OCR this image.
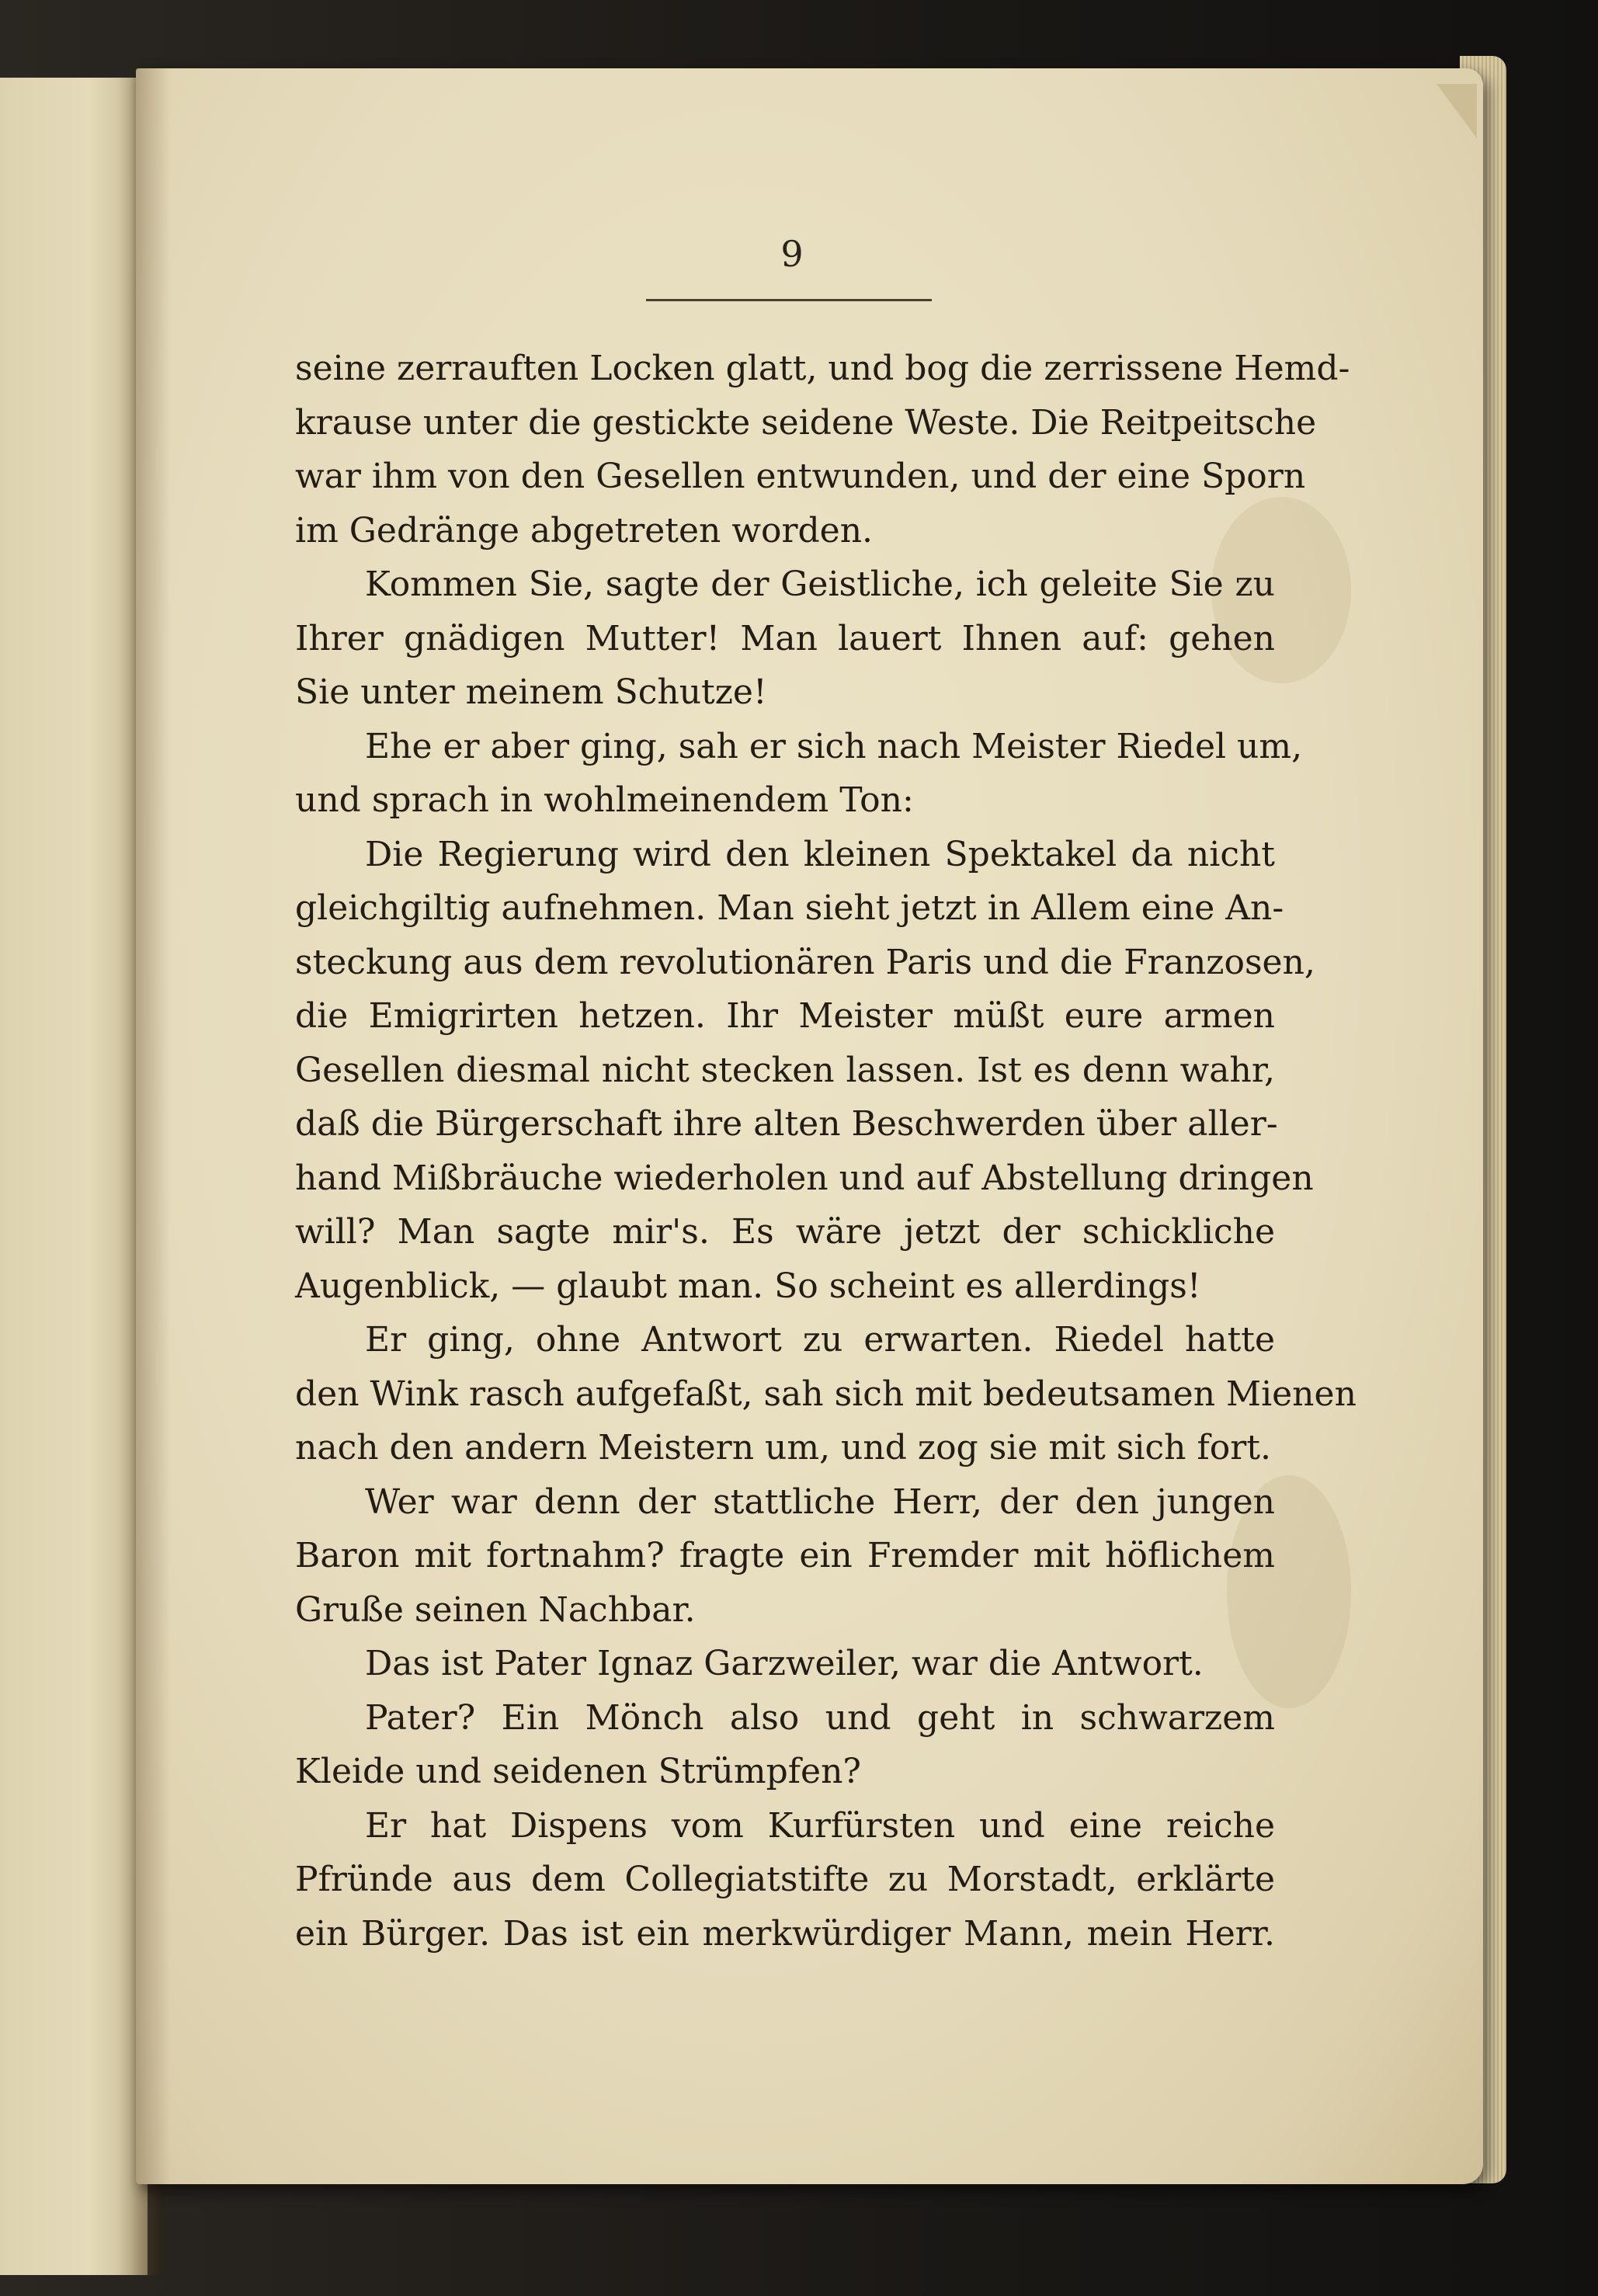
9
seine zerrauften Locken glatt, und bog die zerrissene Hemd-
krause unter die gestickte seidene Weste. Die Reitpeitsche
war ihm von den Gesellen entwunden, und der eine Sporn
im Gedränge abgetreten worden.
Kommen Sie, sagte der Geistliche, ich geleite Sie zu
Ihrer gnädigen Mutter! Man lauert Ihnen auf: gehen
Sie unter meinem Schutze!
Ehe er aber ging, sah er sich nach Meister Riedel um,
und sprach in wohlmeinendem Ton:
Die Regierung wird den kleinen Spektakel da nicht
gleichgiltig aufnehmen. Man sieht jetzt in Allem eine An-
steckung aus dem revolutionären Paris und die Franzosen,
die Emigrirten hetzen. Ihr Meister müßt eure armen
Gesellen diesmal nicht stecken lassen. Ist es denn wahr,
daß die Bürgerschaft ihre alten Beschwerden über aller-
hand Mißbräuche wiederholen und auf Abstellung dringen
will? Man sagte mir's. Es wäre jetzt der schickliche
Augenblick, — glaubt man. So scheint es allerdings!
Er ging, ohne Antwort zu erwarten. Riedel hatte
den Wink rasch aufgefaßt, sah sich mit bedeutsamen Mienen
nach den andern Meistern um, und zog sie mit sich fort.
Wer war denn der stattliche Herr, der den jungen
Baron mit fortnahm? fragte ein Fremder mit höflichem
Gruße seinen Nachbar.
Das ist Pater Ignaz Garzweiler, war die Antwort.
Pater? Ein Mönch also und geht in schwarzem
Kleide und seidenen Strümpfen?
Er hat Dispens vom Kurfürsten und eine reiche
Pfründe aus dem Collegiatstifte zu Morstadt, erklärte
ein Bürger. Das ist ein merkwürdiger Mann, mein Herr.
